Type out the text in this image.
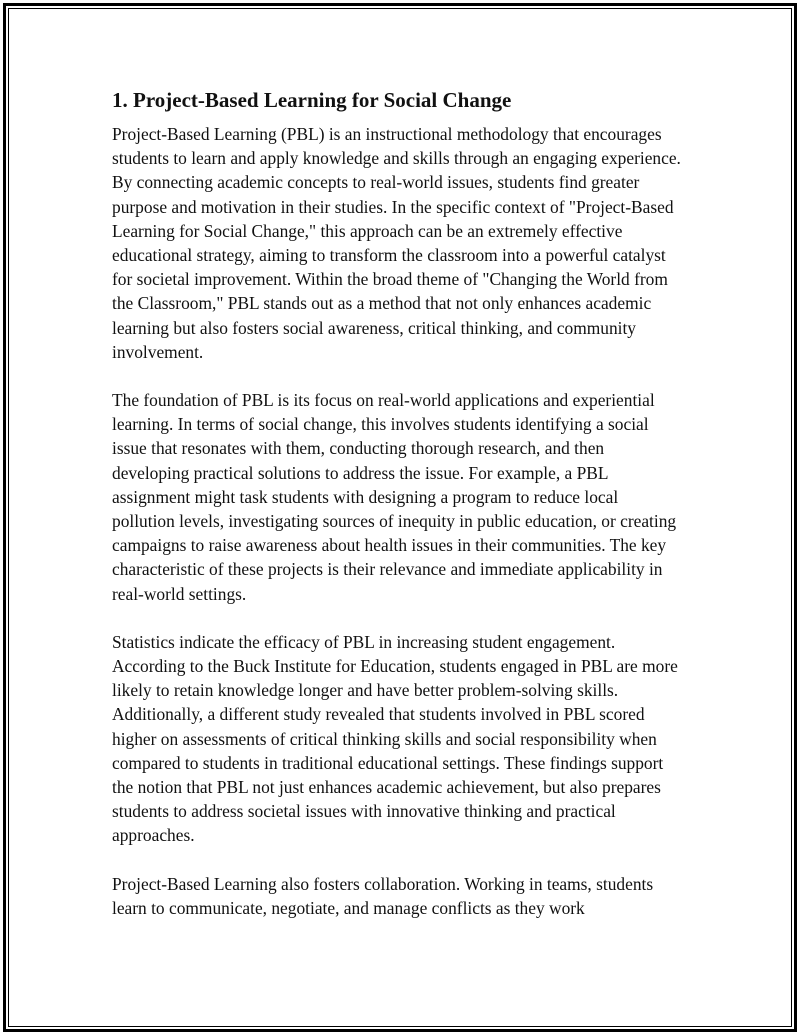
1. Project-Based Learning for Social Change

Project-Based Learning (PBL) is an instructional methodology that encourages students to learn and apply knowledge and skills through an engaging experience. By connecting academic concepts to real-world issues, students find greater purpose and motivation in their studies. In the specific context of "Project-Based Learning for Social Change," this approach can be an extremely effective educational strategy, aiming to transform the classroom into a powerful catalyst for societal improvement. Within the broad theme of "Changing the World from the Classroom," PBL stands out as a method that not only enhances academic learning but also fosters social awareness, critical thinking, and community involvement.

The foundation of PBL is its focus on real-world applications and experiential learning. In terms of social change, this involves students identifying a social issue that resonates with them, conducting thorough research, and then developing practical solutions to address the issue. For example, a PBL assignment might task students with designing a program to reduce local pollution levels, investigating sources of inequity in public education, or creating campaigns to raise awareness about health issues in their communities. The key characteristic of these projects is their relevance and immediate applicability in real-world settings.

Statistics indicate the efficacy of PBL in increasing student engagement. According to the Buck Institute for Education, students engaged in PBL are more likely to retain knowledge longer and have better problem-solving skills. Additionally, a different study revealed that students involved in PBL scored higher on assessments of critical thinking skills and social responsibility when compared to students in traditional educational settings. These findings support the notion that PBL not just enhances academic achievement, but also prepares students to address societal issues with innovative thinking and practical approaches.

Project-Based Learning also fosters collaboration. Working in teams, students learn to communicate, negotiate, and manage conflicts as they work
